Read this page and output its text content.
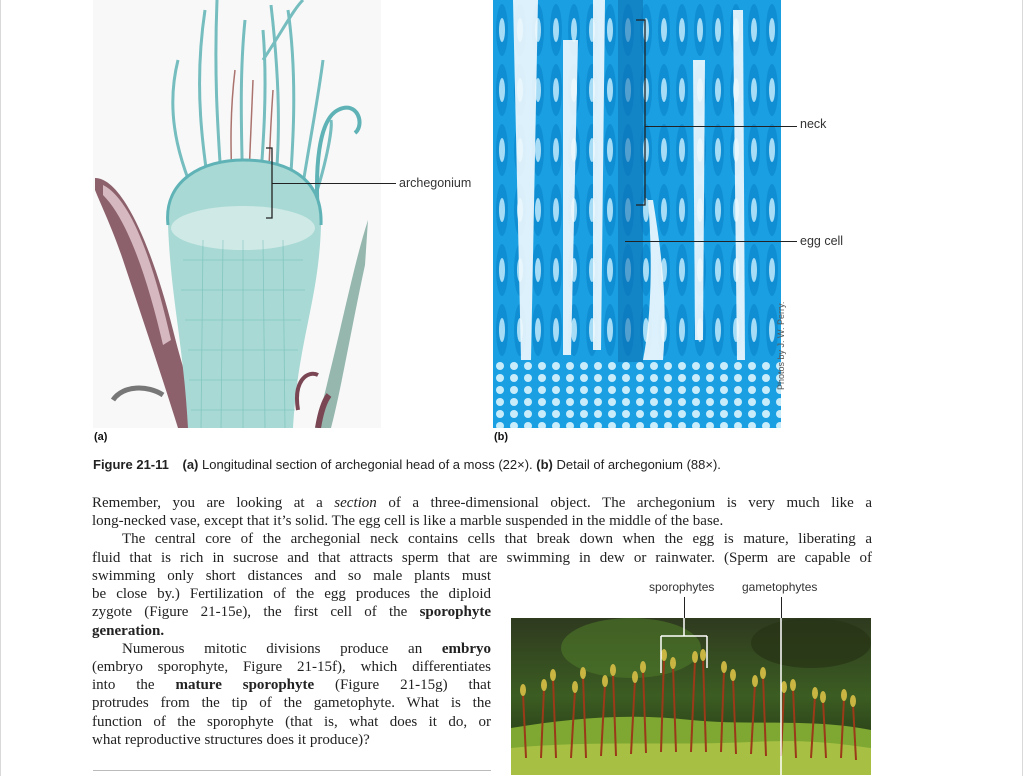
archegonium
(a)
neck
egg cell
Photos by J. W. Perry.
(b)
Figure 21-11 (a) Longitudinal section of archegonial head of a moss (22×). (b) Detail of archegonium (88×).

Remember, you are looking at a section of a three-dimensional object. The archegonium is very much like a

long-necked vase, except that it’s solid. The egg cell is like a marble suspended in the middle of the base.

The central core of the archegonial neck contains cells that break down when the egg is mature, liberating a

fluid that is rich in sucrose and that attracts sperm that are swimming in dew or rainwater. (Sperm are capable of

swimming only short distances and so male plants must

be close by.) Fertilization of the egg produces the diploid

zygote (Figure 21-15e), the first cell of the sporophyte

generation.

Numerous mitotic divisions produce an embryo

(embryo sporophyte, Figure 21-15f), which differentiates

into the mature sporophyte (Figure 21-15g) that

protrudes from the tip of the gametophyte. What is the

function of the sporophyte (that is, what does it do, or

what reproductive structures does it produce)?

sporophytes gametophytes
